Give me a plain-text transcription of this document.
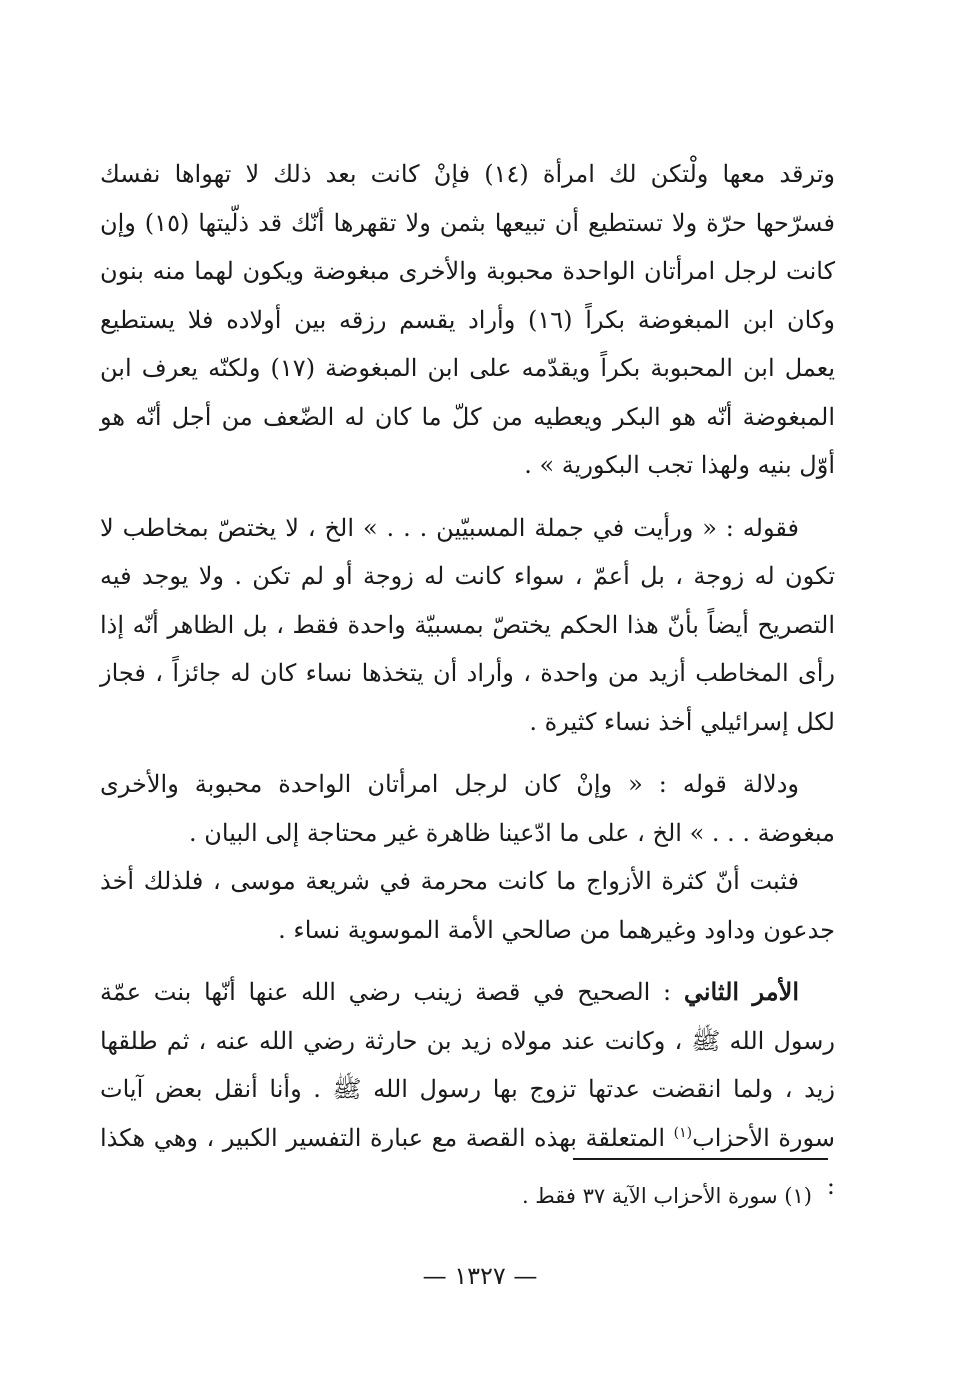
وترقد معها ولْتكن لك امرأة (١٤) فإنْ كانت بعد ذلك لا تهواها نفسك فسرّحها حرّة ولا تستطيع أن تبيعها بثمن ولا تقهرها أنّك قد ذلّيتها (١٥) وإن كانت لرجل امرأتان الواحدة محبوبة والأخرى مبغوضة ويكون لهما منه بنون وكان ابن المبغوضة بكراً (١٦) وأراد يقسم رزقه بين أولاده فلا يستطيع يعمل ابن المحبوبة بكراً ويقدّمه على ابن المبغوضة (١٧) ولكنّه يعرف ابن المبغوضة أنّه هو البكر ويعطيه من كلّ ما كان له الضّعف من أجل أنّه هو أوّل بنيه ولهذا تجب البكورية » .

فقوله : « ورأيت في جملة المسبيّين . . . » الخ ، لا يختصّ بمخاطب لا تكون له زوجة ، بل أعمّ ، سواء كانت له زوجة أو لم تكن . ولا يوجد فيه التصريح أيضاً بأنّ هذا الحكم يختصّ بمسبيّة واحدة فقط ، بل الظاهر أنّه إذا رأى المخاطب أزيد من واحدة ، وأراد أن يتخذها نساء كان له جائزاً ، فجاز لكل إسرائيلي أخذ نساء كثيرة .

ودلالة قوله : « وإنْ كان لرجل امرأتان الواحدة محبوبة والأخرى مبغوضة . . . » الخ ، على ما ادّعينا ظاهرة غير محتاجة إلى البيان .

فثبت أنّ كثرة الأزواج ما كانت محرمة في شريعة موسى ، فلذلك أخذ جدعون وداود وغيرهما من صالحي الأمة الموسوية نساء .

الأمر الثاني : الصحيح في قصة زينب رضي الله عنها أنّها بنت عمّة رسول الله ﷺ ، وكانت عند مولاه زيد بن حارثة رضي الله عنه ، ثم طلقها زيد ، ولما انقضت عدتها تزوج بها رسول الله ﷺ . وأنا أنقل بعض آيات سورة الأحزاب$^{(١)}$ المتعلقة بهذه القصة مع عبارة التفسير الكبير ، وهي هكذا :

(١) سورة الأحزاب الآية ٣٧ فقط .
— ١٣٢٧ —
